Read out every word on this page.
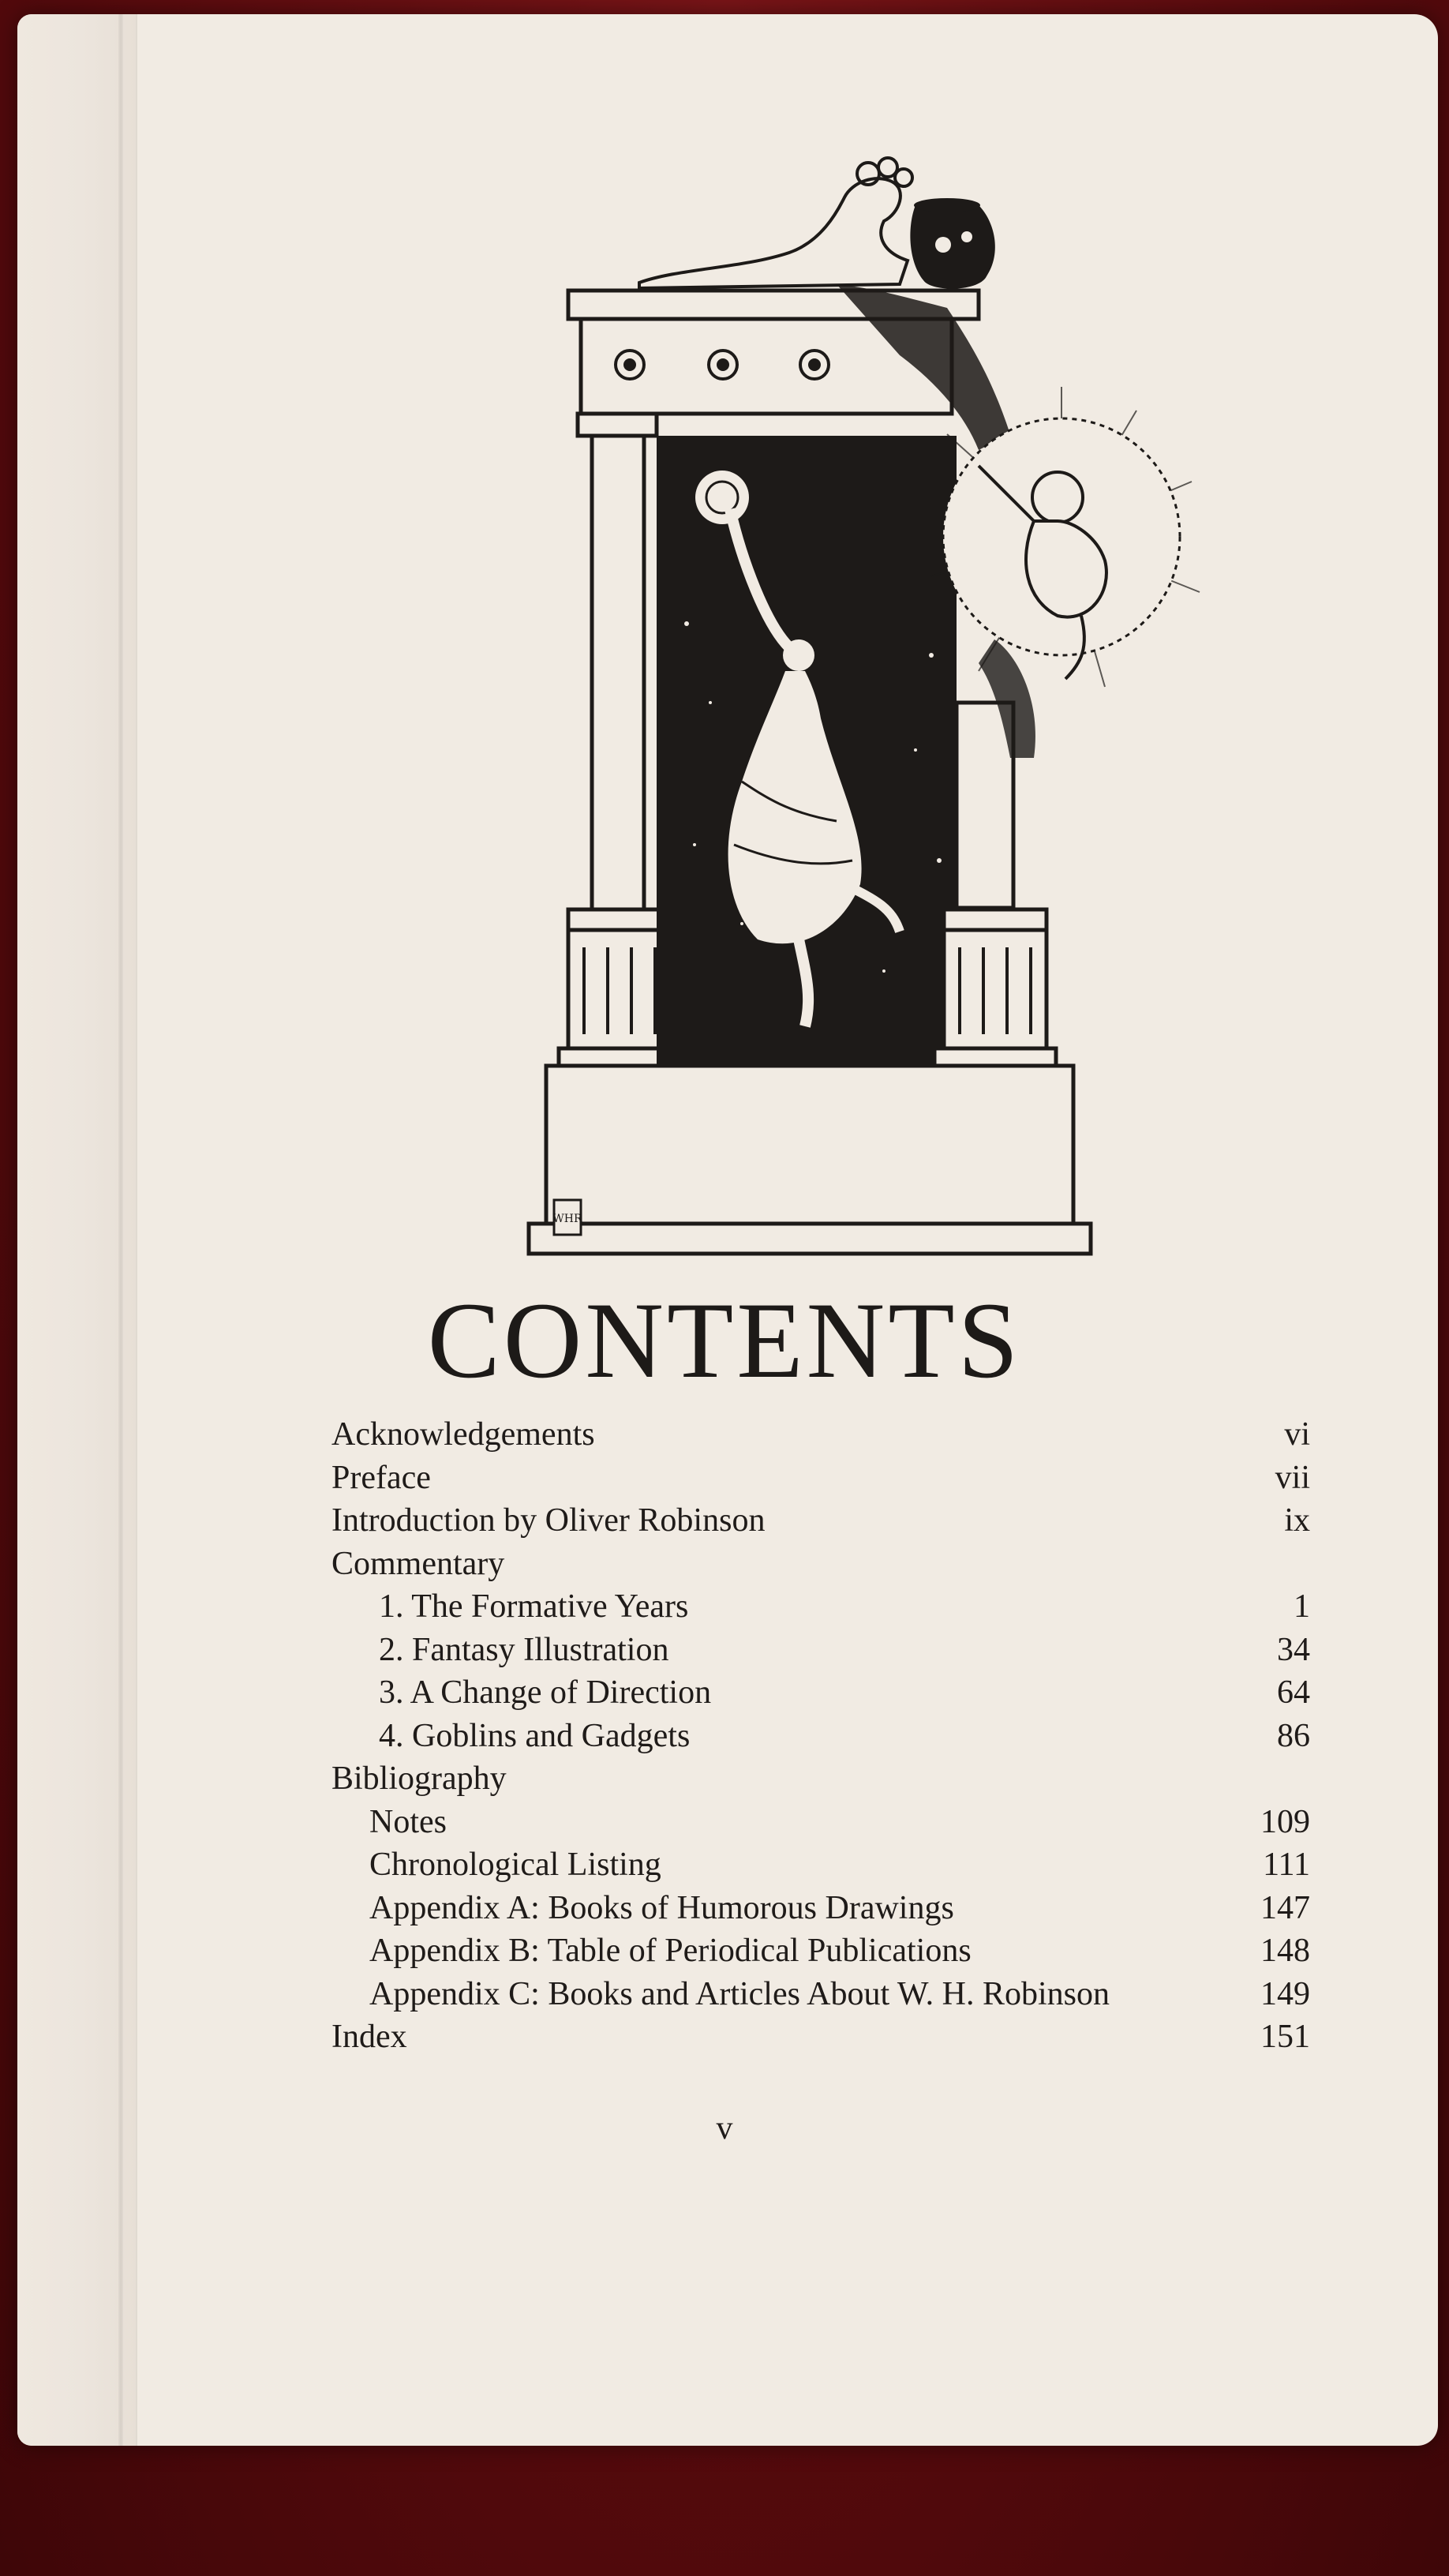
WHR
CONTENTS
Acknowledgements	vi
Preface	vii
Introduction by Oliver Robinson	ix
Commentary
1. The Formative Years	1
2. Fantasy Illustration	34
3. A Change of Direction	64
4. Goblins and Gadgets	86
Bibliography
Notes	109
Chronological Listing	111
Appendix A: Books of Humorous Drawings	147
Appendix B: Table of Periodical Publications	148
Appendix C: Books and Articles About W. H. Robinson	149
Index	151
v
